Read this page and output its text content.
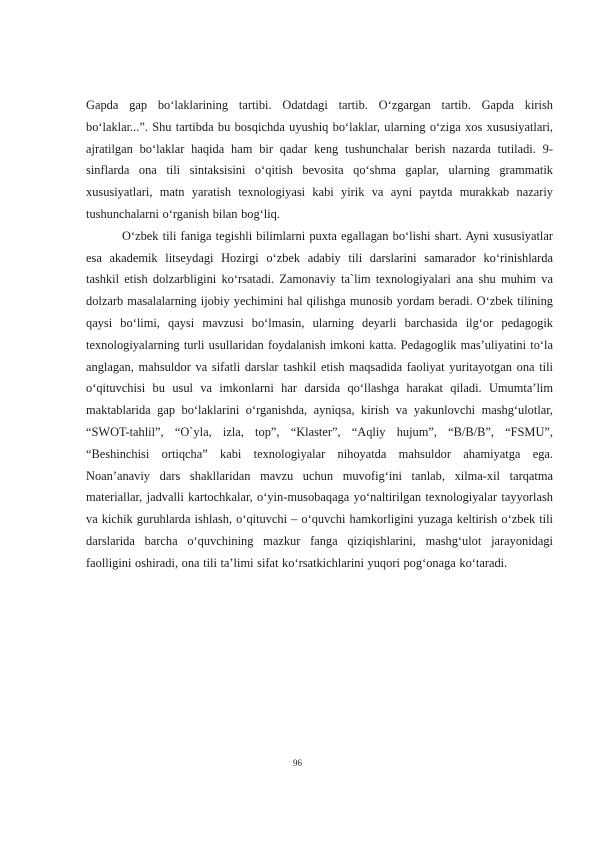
Gapda gap bo‘laklarining tartibi. Odatdagi tartib. O‘zgargan tartib. Gapda kirish bo‘laklar...”. Shu tartibda bu bosqichda uyushiq bo‘laklar, ularning o‘ziga xos xususiyatlari, ajratilgan bo‘laklar haqida ham bir qadar keng tushunchalar berish nazarda tutiladi. 9- sinflarda ona tili sintaksisini o‘qitish bevosita qo‘shma gaplar, ularning grammatik xususiyatlari, matn yaratish texnologiyasi kabi yirik va ayni paytda murakkab nazariy tushunchalarni o‘rganish bilan bog‘liq.

O‘zbek tili faniga tegishli bilimlarni puxta egallagan bo‘lishi shart. Ayni xususiyatlar esa akademik litseydagi Hozirgi o‘zbek adabiy tili darslarini samarador ko‘rinishlarda tashkil etish dolzarbligini ko‘rsatadi. Zamonaviy ta`lim texnologiyalari ana shu muhim va dolzarb masalalarning ijobiy yechimini hal qilishga munosib yordam beradi. O‘zbek tilining qaysi bo‘limi, qaysi mavzusi bo‘lmasin, ularning deyarli barchasida ilg‘or pedagogik texnologiyalarning turli usullaridan foydalanish imkoni katta. Pedagoglik mas’uliyatini to‘la anglagan, mahsuldor va sifatli darslar tashkil etish maqsadida faoliyat yuritayotgan ona tili o‘qituvchisi bu usul va imkonlarni har darsida qo‘llashga harakat qiladi. Umumta’lim maktablarida gap bo‘laklarini o‘rganishda, ayniqsa, kirish va yakunlovchi mashg‘ulotlar, “SWOT-tahlil”, “O`yla, izla, top”, “Klaster”, “Aqliy hujum”, “B/B/B”, “FSMU”, “Beshinchisi ortiqcha” kabi texnologiyalar nihoyatda mahsuldor ahamiyatga ega. Noan’anaviy dars shakllaridan mavzu uchun muvofig‘ini tanlab, xilma-xil tarqatma materiallar, jadvalli kartochkalar, o‘yin-musobaqaga yo‘naltirilgan texnologiyalar tayyorlash va kichik guruhlarda ishlash, o‘qituvchi – o‘quvchi hamkorligini yuzaga keltirish o‘zbek tili darslarida barcha o‘quvchining mazkur fanga qiziqishlarini, mashg‘ulot jarayonidagi faolligini oshiradi, ona tili ta’limi sifat ko‘rsatkichlarini yuqori pog‘onaga ko‘taradi.

96
